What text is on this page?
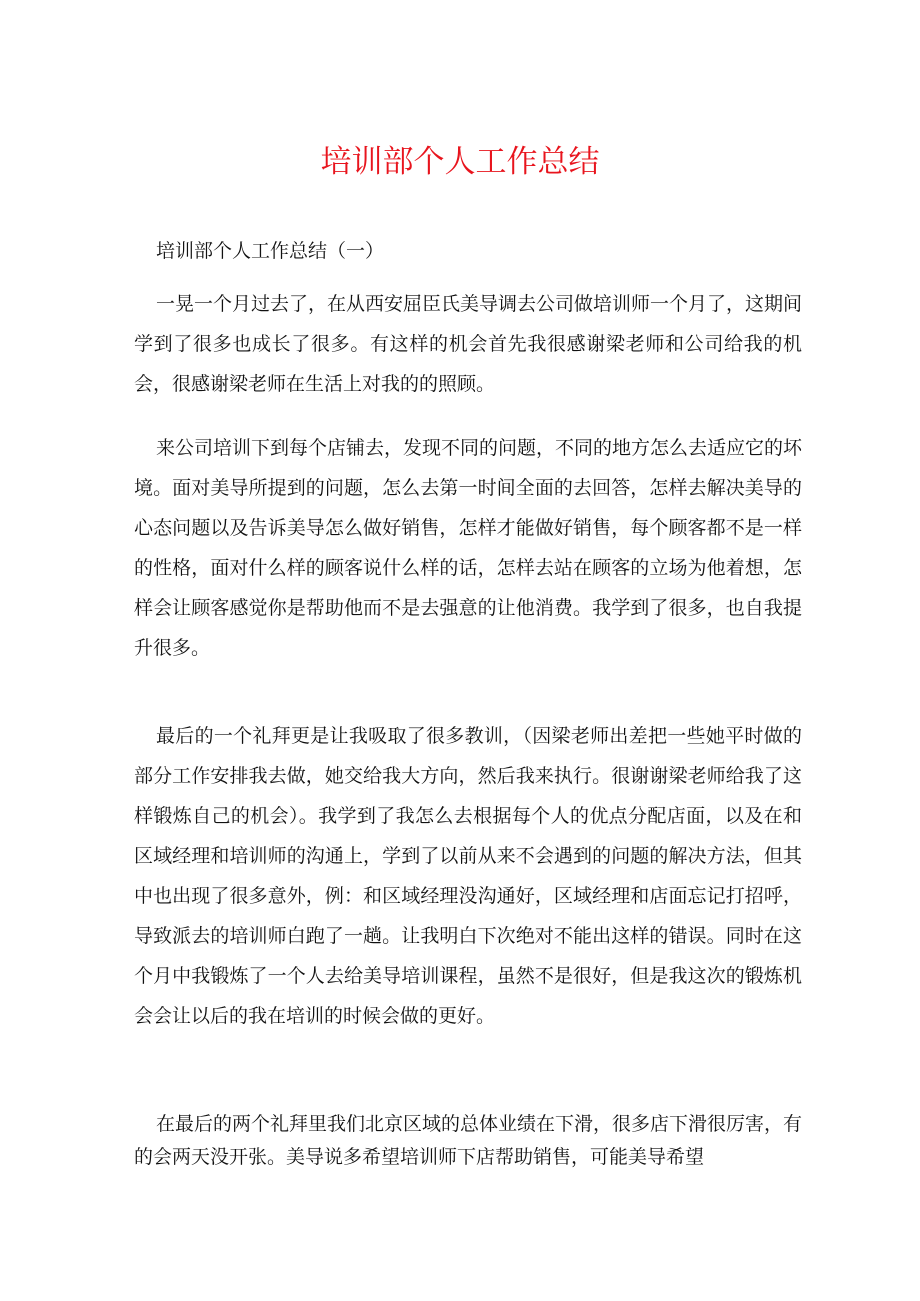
培训部个人工作总结

培训部个人工作总结（一）

一晃一个月过去了，在从西安屈臣氏美导调去公司做培训师一个月了，这期间学到了很多也成长了很多。有这样的机会首先我很感谢梁老师和公司给我的机会，很感谢梁老师在生活上对我的的照顾。

来公司培训下到每个店铺去，发现不同的问题，不同的地方怎么去适应它的坏境。面对美导所提到的问题，怎么去第一时间全面的去回答，怎样去解决美导的心态问题以及告诉美导怎么做好销售，怎样才能做好销售，每个顾客都不是一样的性格，面对什么样的顾客说什么样的话，怎样去站在顾客的立场为他着想，怎样会让顾客感觉你是帮助他而不是去强意的让他消费。我学到了很多，也自我提升很多。

最后的一个礼拜更是让我吸取了很多教训，（因梁老师出差把一些她平时做的部分工作安排我去做，她交给我大方向，然后我来执行。很谢谢梁老师给我了这样锻炼自己的机会）。我学到了我怎么去根据每个人的优点分配店面，以及在和区域经理和培训师的沟通上，学到了以前从来不会遇到的问题的解决方法，但其中也出现了很多意外，例：和区域经理没沟通好，区域经理和店面忘记打招呼，导致派去的培训师白跑了一趟。让我明白下次绝对不能出这样的错误。同时在这个月中我锻炼了一个人去给美导培训课程，虽然不是很好，但是我这次的锻炼机会会让以后的我在培训的时候会做的更好。

在最后的两个礼拜里我们北京区域的总体业绩在下滑，很多店下滑很厉害，有的会两天没开张。美导说多希望培训师下店帮助销售，可能美导希望
